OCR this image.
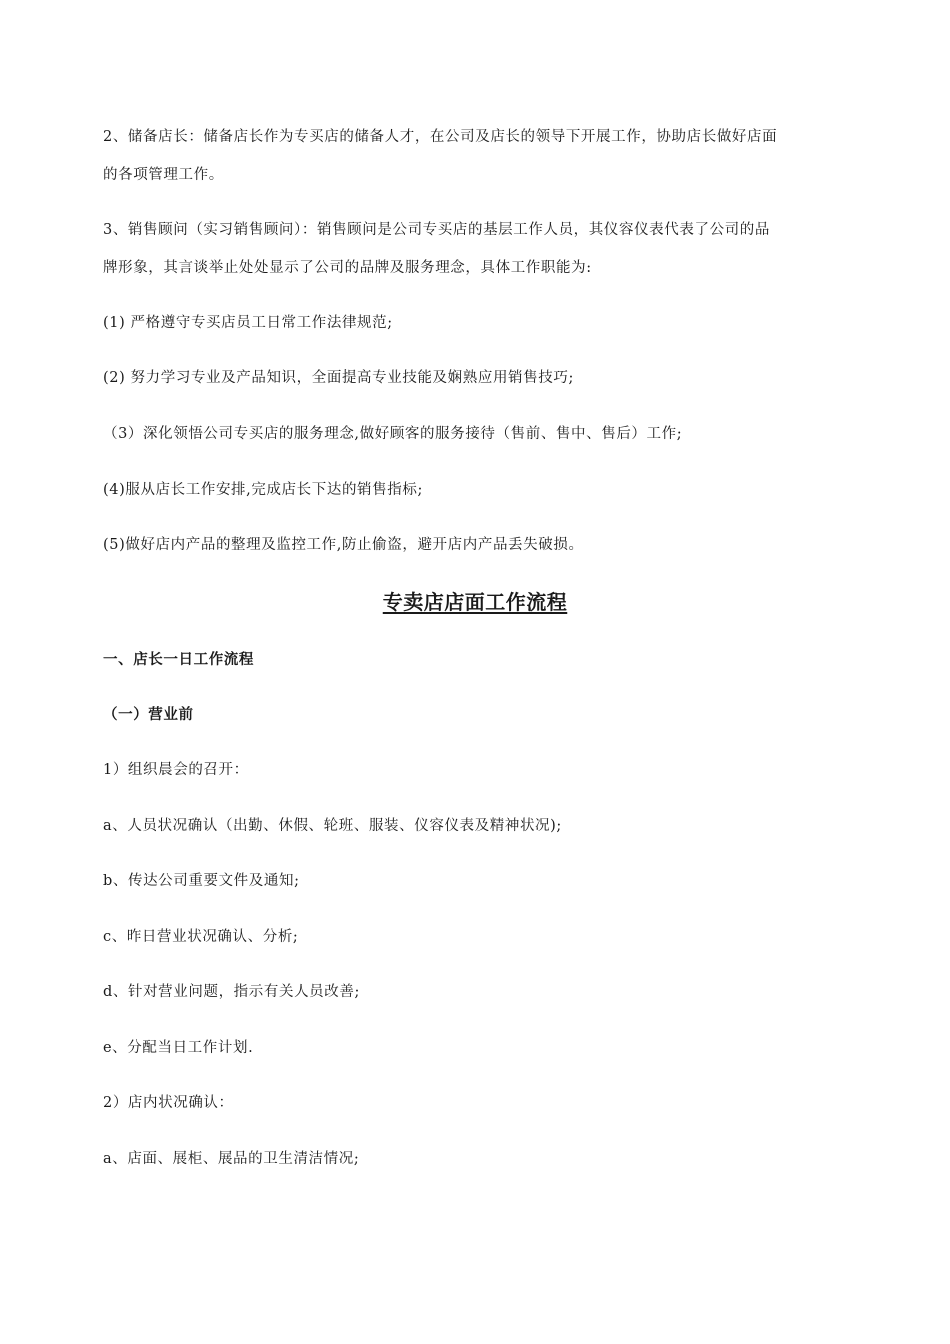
2、储备店长：储备店长作为专买店的储备人才，在公司及店长的领导下开展工作，协助店长做好店面
的各项管理工作。
3、销售顾问（实习销售顾问）：销售顾问是公司专买店的基层工作人员，其仪容仪表代表了公司的品
牌形象，其言谈举止处处显示了公司的品牌及服务理念，具体工作职能为:
(1) 严格遵守专买店员工日常工作法律规范;
(2) 努力学习专业及产品知识，全面提高专业技能及娴熟应用销售技巧;
（3）深化领悟公司专买店的服务理念,做好顾客的服务接待（售前、售中、售后）工作;
(4)服从店长工作安排,完成店长下达的销售指标;
(5)做好店内产品的整理及监控工作,防止偷盗，避开店内产品丢失破损。
专卖店店面工作流程
一、店长一日工作流程
（一）营业前
1）组织晨会的召开：
a、人员状况确认（出勤、休假、轮班、服装、仪容仪表及精神状况);
b、传达公司重要文件及通知;
c、昨日营业状况确认、分析;
d、针对营业问题，指示有关人员改善;
e、分配当日工作计划.
2）店内状况确认：
a、店面、展柜、展品的卫生清洁情况;
